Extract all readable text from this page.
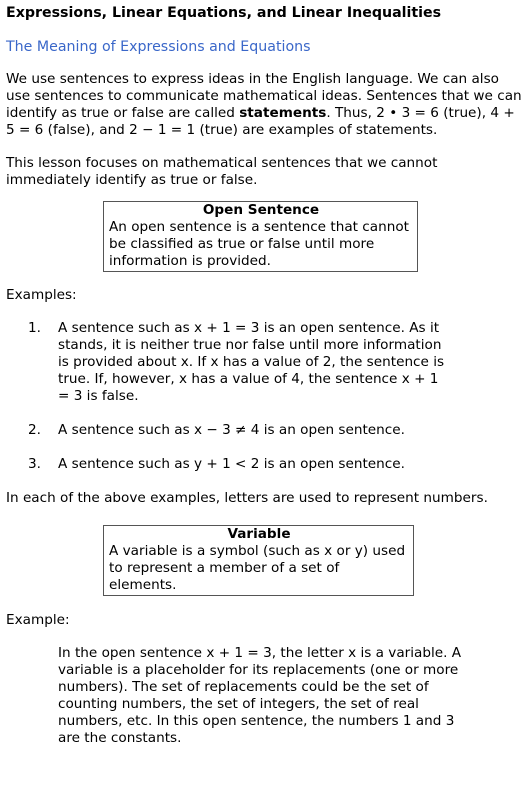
Expressions, Linear Equations, and Linear Inequalities
The Meaning of Expressions and Equations

We use sentences to express ideas in the English language. We can also use sentences to communicate mathematical ideas. Sentences that we can identify as true or false are called statements. Thus, 2 • 3 = 6 (true), 4 + 5 = 6 (false), and 2 − 1 = 1 (true) are examples of statements.

This lesson focuses on mathematical sentences that we cannot immediately identify as true or false.

Open Sentence
An open sentence is a sentence that cannot be classified as true or false until more information is provided.

Examples:

1. A sentence such as x + 1 = 3 is an open sentence. As it stands, it is neither true nor false until more information is provided about x. If x has a value of 2, the sentence is true. If, however, x has a value of 4, the sentence x + 1 = 3 is false.
2. A sentence such as x − 3 ≠ 4 is an open sentence.
3. A sentence such as y + 1 < 2 is an open sentence.

In each of the above examples, letters are used to represent numbers.

Variable
A variable is a symbol (such as x or y) used to represent a member of a set of elements.

Example:

In the open sentence x + 1 = 3, the letter x is a variable. A variable is a placeholder for its replacements (one or more numbers). The set of replacements could be the set of counting numbers, the set of integers, the set of real numbers, etc. In this open sentence, the numbers 1 and 3 are the constants.
